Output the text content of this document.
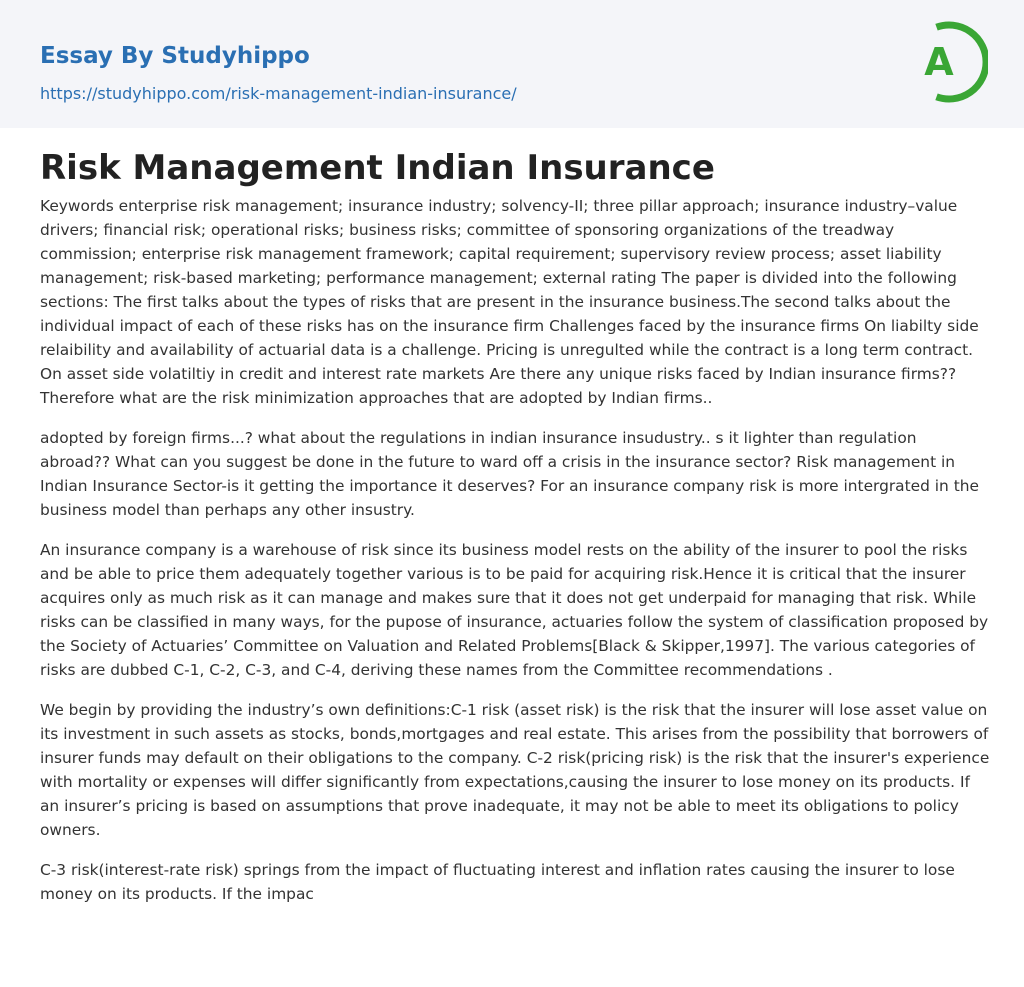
Essay By Studyhippo
https://studyhippo.com/risk-management-indian-insurance/
A
Risk Management Indian Insurance

Keywords enterprise risk management; insurance industry; solvency-II; three pillar approach; insurance industry–value drivers; financial risk; operational risks; business risks; committee of sponsoring organizations of the treadway commission; enterprise risk management framework; capital requirement; supervisory review process; asset liability management; risk-based marketing; performance management; external rating The paper is divided into the following sections: The first talks about the types of risks that are present in the insurance business.The second talks about the individual impact of each of these risks has on the insurance firm Challenges faced by the insurance firms On liabilty side relaibility and availability of actuarial data is a challenge. Pricing is unregulted while the contract is a long term contract. On asset side volatiltiy in credit and interest rate markets Are there any unique risks faced by Indian insurance firms?? Therefore what are the risk minimization approaches that are adopted by Indian firms..

adopted by foreign firms...? what about the regulations in indian insurance insudustry.. s it lighter than regulation abroad?? What can you suggest be done in the future to ward off a crisis in the insurance sector? Risk management in Indian Insurance Sector-is it getting the importance it deserves? For an insurance company risk is more intergrated in the business model than perhaps any other insustry.

An insurance company is a warehouse of risk since its business model rests on the ability of the insurer to pool the risks and be able to price them adequately together various is to be paid for acquiring risk.Hence it is critical that the insurer acquires only as much risk as it can manage and makes sure that it does not get underpaid for managing that risk. While risks can be classified in many ways, for the pupose of insurance, actuaries follow the system of classification proposed by the Society of Actuaries’ Committee on Valuation and Related Problems[Black & Skipper,1997]. The various categories of risks are dubbed C-1, C-2, C-3, and C-4, deriving these names from the Committee recommendations .

We begin by providing the industry’s own definitions:C-1 risk (asset risk) is the risk that the insurer will lose asset value on its investment in such assets as stocks, bonds,mortgages and real estate. This arises from the possibility that borrowers of insurer funds may default on their obligations to the company. C-2 risk(pricing risk) is the risk that the insurer's experience with mortality or expenses will differ significantly from expectations,causing the insurer to lose money on its products. If an insurer’s pricing is based on assumptions that prove inadequate, it may not be able to meet its obligations to policy owners.

C-3 risk(interest-rate risk) springs from the impact of fluctuating interest and inflation rates causing the insurer to lose money on its products. If the impac
